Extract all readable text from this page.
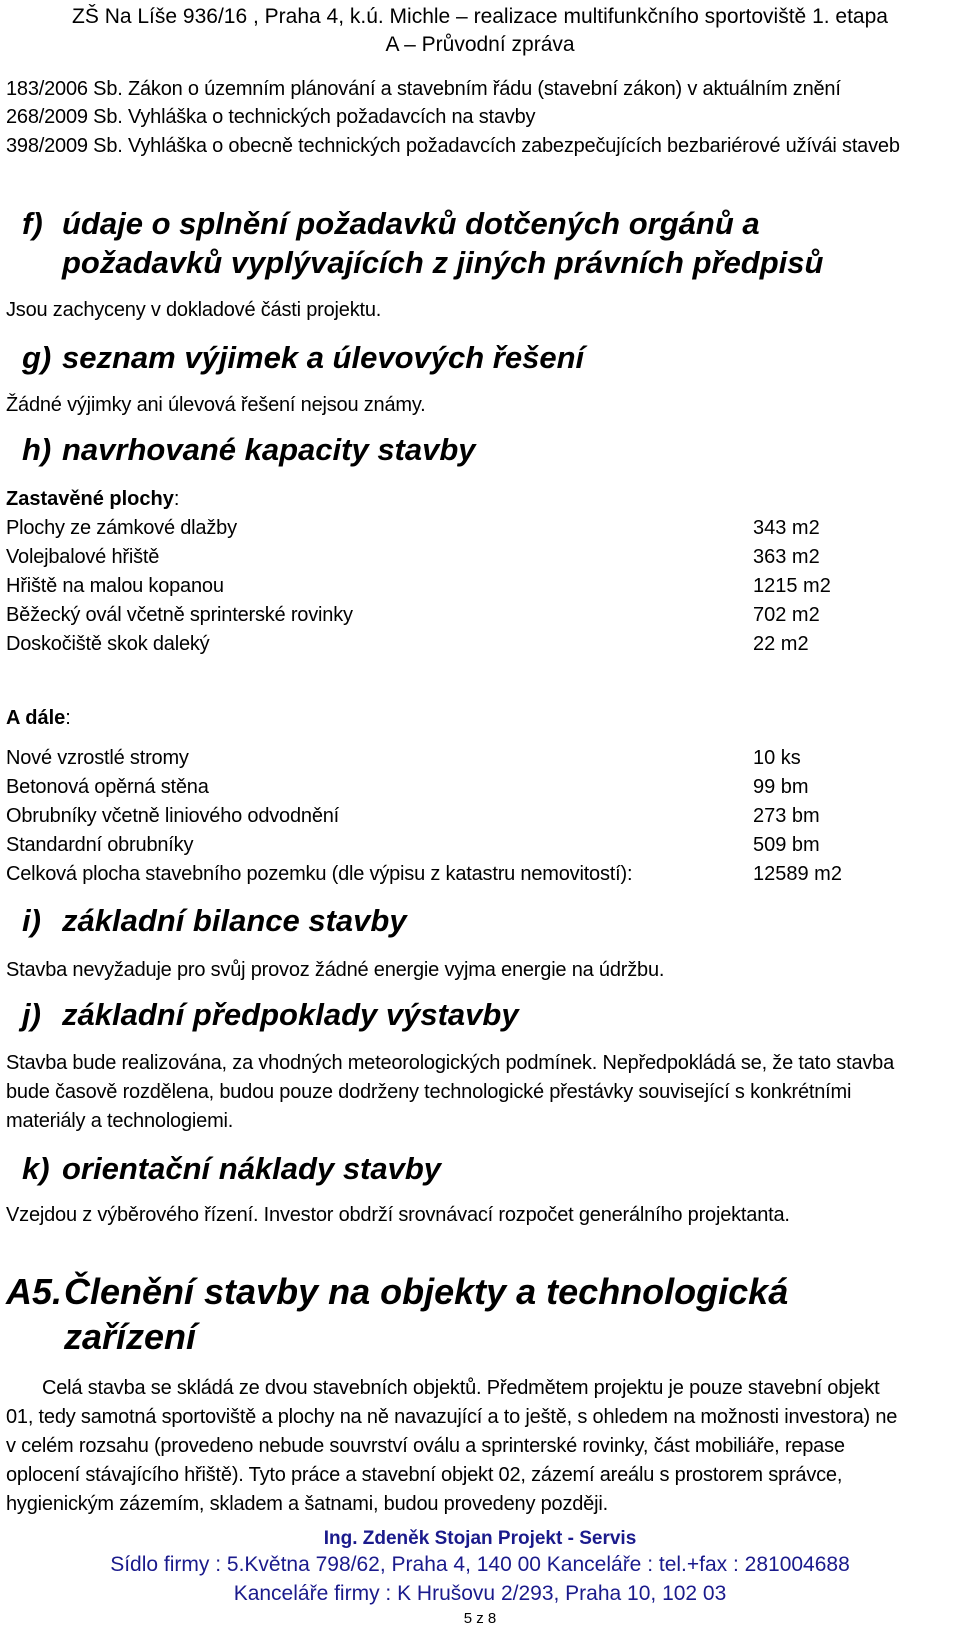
ZŠ Na Líše 936/16 , Praha 4, k.ú. Michle – realizace multifunkčního sportoviště 1. etapa
A – Průvodní zpráva
183/2006 Sb. Zákon o územním plánování a stavebním řádu (stavební zákon) v aktuálním znění
268/2009 Sb. Vyhláška o technických požadavcích na stavby
398/2009 Sb. Vyhláška o obecně technických požadavcích zabezpečujících bezbariérové užívái staveb
f) údaje o splnění požadavků dotčených orgánů a
požadavků vyplývajících z jiných právních předpisů
Jsou zachyceny v dokladové části projektu.
g) seznam výjimek a úlevových řešení
Žádné výjimky ani úlevová řešení nejsou známy.
h) navrhované kapacity stavby
Zastavěné plochy:
Plochy ze zámkové dlažby	343 m2
Volejbalové hřiště	363 m2
Hřiště na malou kopanou	1215 m2
Běžecký ovál včetně sprinterské rovinky	702 m2
Doskočiště skok daleký	22 m2
A dále:
Nové vzrostlé stromy	10 ks
Betonová opěrná stěna	99 bm
Obrubníky včetně liniového odvodnění	273 bm
Standardní obrubníky	509 bm
Celková plocha stavebního pozemku (dle výpisu z katastru nemovitostí):	12589 m2
i) základní bilance stavby
Stavba nevyžaduje pro svůj provoz žádné energie vyjma energie na údržbu.
j) základní předpoklady výstavby
Stavba bude realizována, za vhodných meteorologických podmínek. Nepředpokládá se, že tato stavba
bude časově rozdělena, budou pouze dodrženy technologické přestávky související s konkrétními
materiály a technologiemi.
k) orientační náklady stavby
Vzejdou z výběrového řízení. Investor obdrží srovnávací rozpočet generálního projektanta.
A5.Členění stavby na objekty a technologická
zařízení
Celá stavba se skládá ze dvou stavebních objektů. Předmětem projektu je pouze stavební objekt
01, tedy samotná sportoviště a plochy na ně navazující a to ještě, s ohledem na možnosti investora) ne
v celém rozsahu (provedeno nebude souvrství oválu a sprinterské rovinky, část mobiliáře, repase
oplocení stávajícího hřiště). Tyto práce a stavební objekt 02, zázemí areálu s prostorem správce,
hygienickým zázemím, skladem a šatnami, budou provedeny později.
Ing. Zdeněk Stojan Projekt - Servis
Sídlo firmy : 5.Května 798/62, Praha 4, 140 00 Kanceláře : tel.+fax : 281004688
Kanceláře firmy : K Hrušovu 2/293, Praha 10, 102 03
5 z 8
